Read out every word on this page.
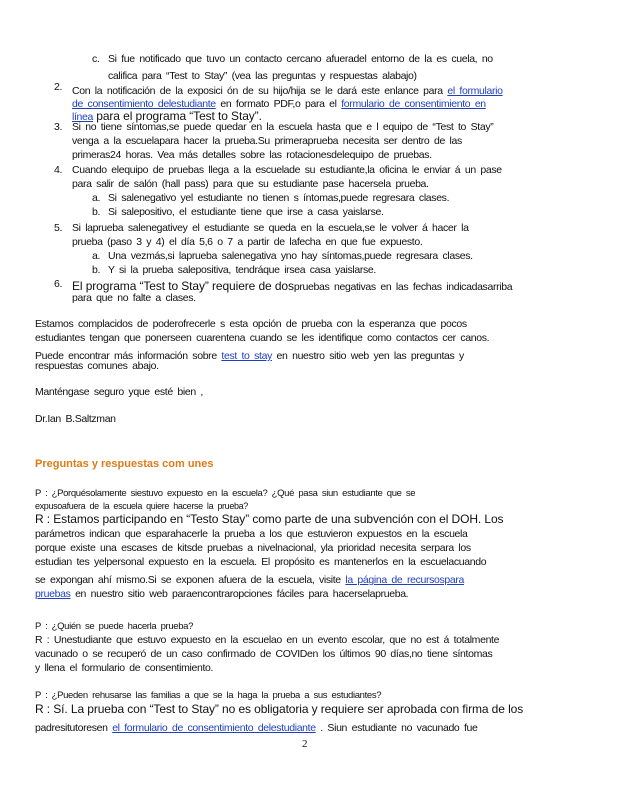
c. Si fue notificado que tuvo un contacto cercano afueradel entorno de la es cuela, no
califica para “Test to Stay” (vea las preguntas y respuestas alabajo)
2. Con la notificación de la exposici ón de su hijo/hija se le dará este enlance para el formulario
de consentimiento delestudiante en formato PDF,o para el formulario de consentimiento en
línea para el programa “Test to Stay”.
3. Si no tiene síntomas,se puede quedar en la escuela hasta que e l equipo de “Test to Stay”
venga a la escuelapara hacer la prueba.Su primeraprueba necesita ser dentro de las
primeras24 horas. Vea más detalles sobre las rotacionesdelequipo de pruebas.
4. Cuando elequipo de pruebas llega a la escuelade su estudiante,la oficina le enviar á un pase
para salir de salón (hall pass) para que su estudiante pase hacersela prueba.
a. Si salenegativo yel estudiante no tienen s íntomas,puede regresara clases.
b. Si salepositivo, el estudiante tiene que irse a casa yaislarse.
5. Si laprueba salenegativey el estudiante se queda en la escuela,se le volver á hacer la
prueba (paso 3 y 4) el día 5,6 o 7 a partir de lafecha en que fue expuesto.
a. Una vezmás,si laprueba salenegativa yno hay síntomas,puede regresara clases.
b. Y si la prueba salepositiva, tendráque irsea casa yaislarse.
6. El programa “Test to Stay” requiere de dospruebas negativas en las fechas indicadasarriba
para que no falte a clases.
Estamos complacidos de poderofrecerle s esta opción de prueba con la esperanza que pocos
estudiantes tengan que ponerseen cuarentena cuando se les identifique como contactos cer canos.
Puede encontrar más información sobre test to stay en nuestro sitio web yen las preguntas y
respuestas comunes abajo.
Manténgase seguro yque esté bien ,
Dr.Ian B.Saltzman
Preguntas y respuestas com unes
P : ¿Porquésolamente siestuvo expuesto en la escuela? ¿Qué pasa siun estudiante que se
expusoafuera de la escuela quiere hacerse la prueba?
R : Estamos participando en “Testo Stay” como parte de una subvención con el DOH. Los
parámetros indican que esparahacerle la prueba a los que estuvieron expuestos en la escuela
porque existe una escases de kitsde pruebas a nivelnacional, yla prioridad necesita serpara los
estudian tes yelpersonal expuesto en la escuela. El propósito es mantenerlos en la escuelacuando
se expongan ahí mismo.Si se exponen afuera de la escuela, visite la página de recursospara
pruebas en nuestro sitio web paraencontraropciones fáciles para hacerselaprueba.
P : ¿Quién se puede hacerla prueba?
R : Unestudiante que estuvo expuesto en la escuelao en un evento escolar, que no est á totalmente
vacunado o se recuperó de un caso confirmado de COVIDen los últimos 90 días,no tiene síntomas
y llena el formulario de consentimiento.
P : ¿Pueden rehusarse las familias a que se la haga la prueba a sus estudiantes?
R : Sí. La prueba con “Test to Stay” no es obligatoria y requiere ser aprobada con firma de los
padresitutoresen el formulario de consentimiento delestudiante . Siun estudiante no vacunado fue
2
